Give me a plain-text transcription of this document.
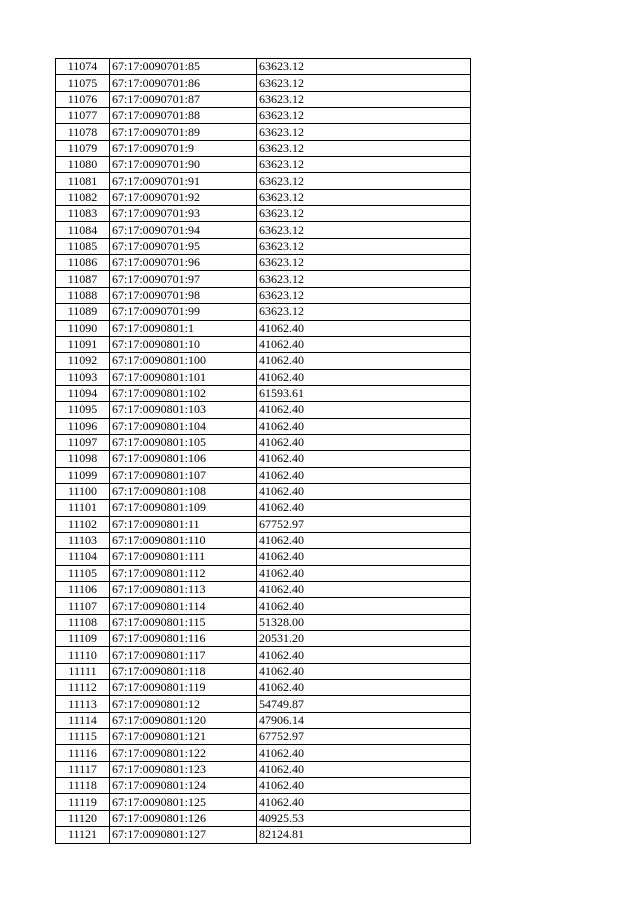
11074	67:17:0090701:85	63623.12
11075	67:17:0090701:86	63623.12
11076	67:17:0090701:87	63623.12
11077	67:17:0090701:88	63623.12
11078	67:17:0090701:89	63623.12
11079	67:17:0090701:9	63623.12
11080	67:17:0090701:90	63623.12
11081	67:17:0090701:91	63623.12
11082	67:17:0090701:92	63623.12
11083	67:17:0090701:93	63623.12
11084	67:17:0090701:94	63623.12
11085	67:17:0090701:95	63623.12
11086	67:17:0090701:96	63623.12
11087	67:17:0090701:97	63623.12
11088	67:17:0090701:98	63623.12
11089	67:17:0090701:99	63623.12
11090	67:17:0090801:1	41062.40
11091	67:17:0090801:10	41062.40
11092	67:17:0090801:100	41062.40
11093	67:17:0090801:101	41062.40
11094	67:17:0090801:102	61593.61
11095	67:17:0090801:103	41062.40
11096	67:17:0090801:104	41062.40
11097	67:17:0090801:105	41062.40
11098	67:17:0090801:106	41062.40
11099	67:17:0090801:107	41062.40
11100	67:17:0090801:108	41062.40
11101	67:17:0090801:109	41062.40
11102	67:17:0090801:11	67752.97
11103	67:17:0090801:110	41062.40
11104	67:17:0090801:111	41062.40
11105	67:17:0090801:112	41062.40
11106	67:17:0090801:113	41062.40
11107	67:17:0090801:114	41062.40
11108	67:17:0090801:115	51328.00
11109	67:17:0090801:116	20531.20
11110	67:17:0090801:117	41062.40
11111	67:17:0090801:118	41062.40
11112	67:17:0090801:119	41062.40
11113	67:17:0090801:12	54749.87
11114	67:17:0090801:120	47906.14
11115	67:17:0090801:121	67752.97
11116	67:17:0090801:122	41062.40
11117	67:17:0090801:123	41062.40
11118	67:17:0090801:124	41062.40
11119	67:17:0090801:125	41062.40
11120	67:17:0090801:126	40925.53
11121	67:17:0090801:127	82124.81
